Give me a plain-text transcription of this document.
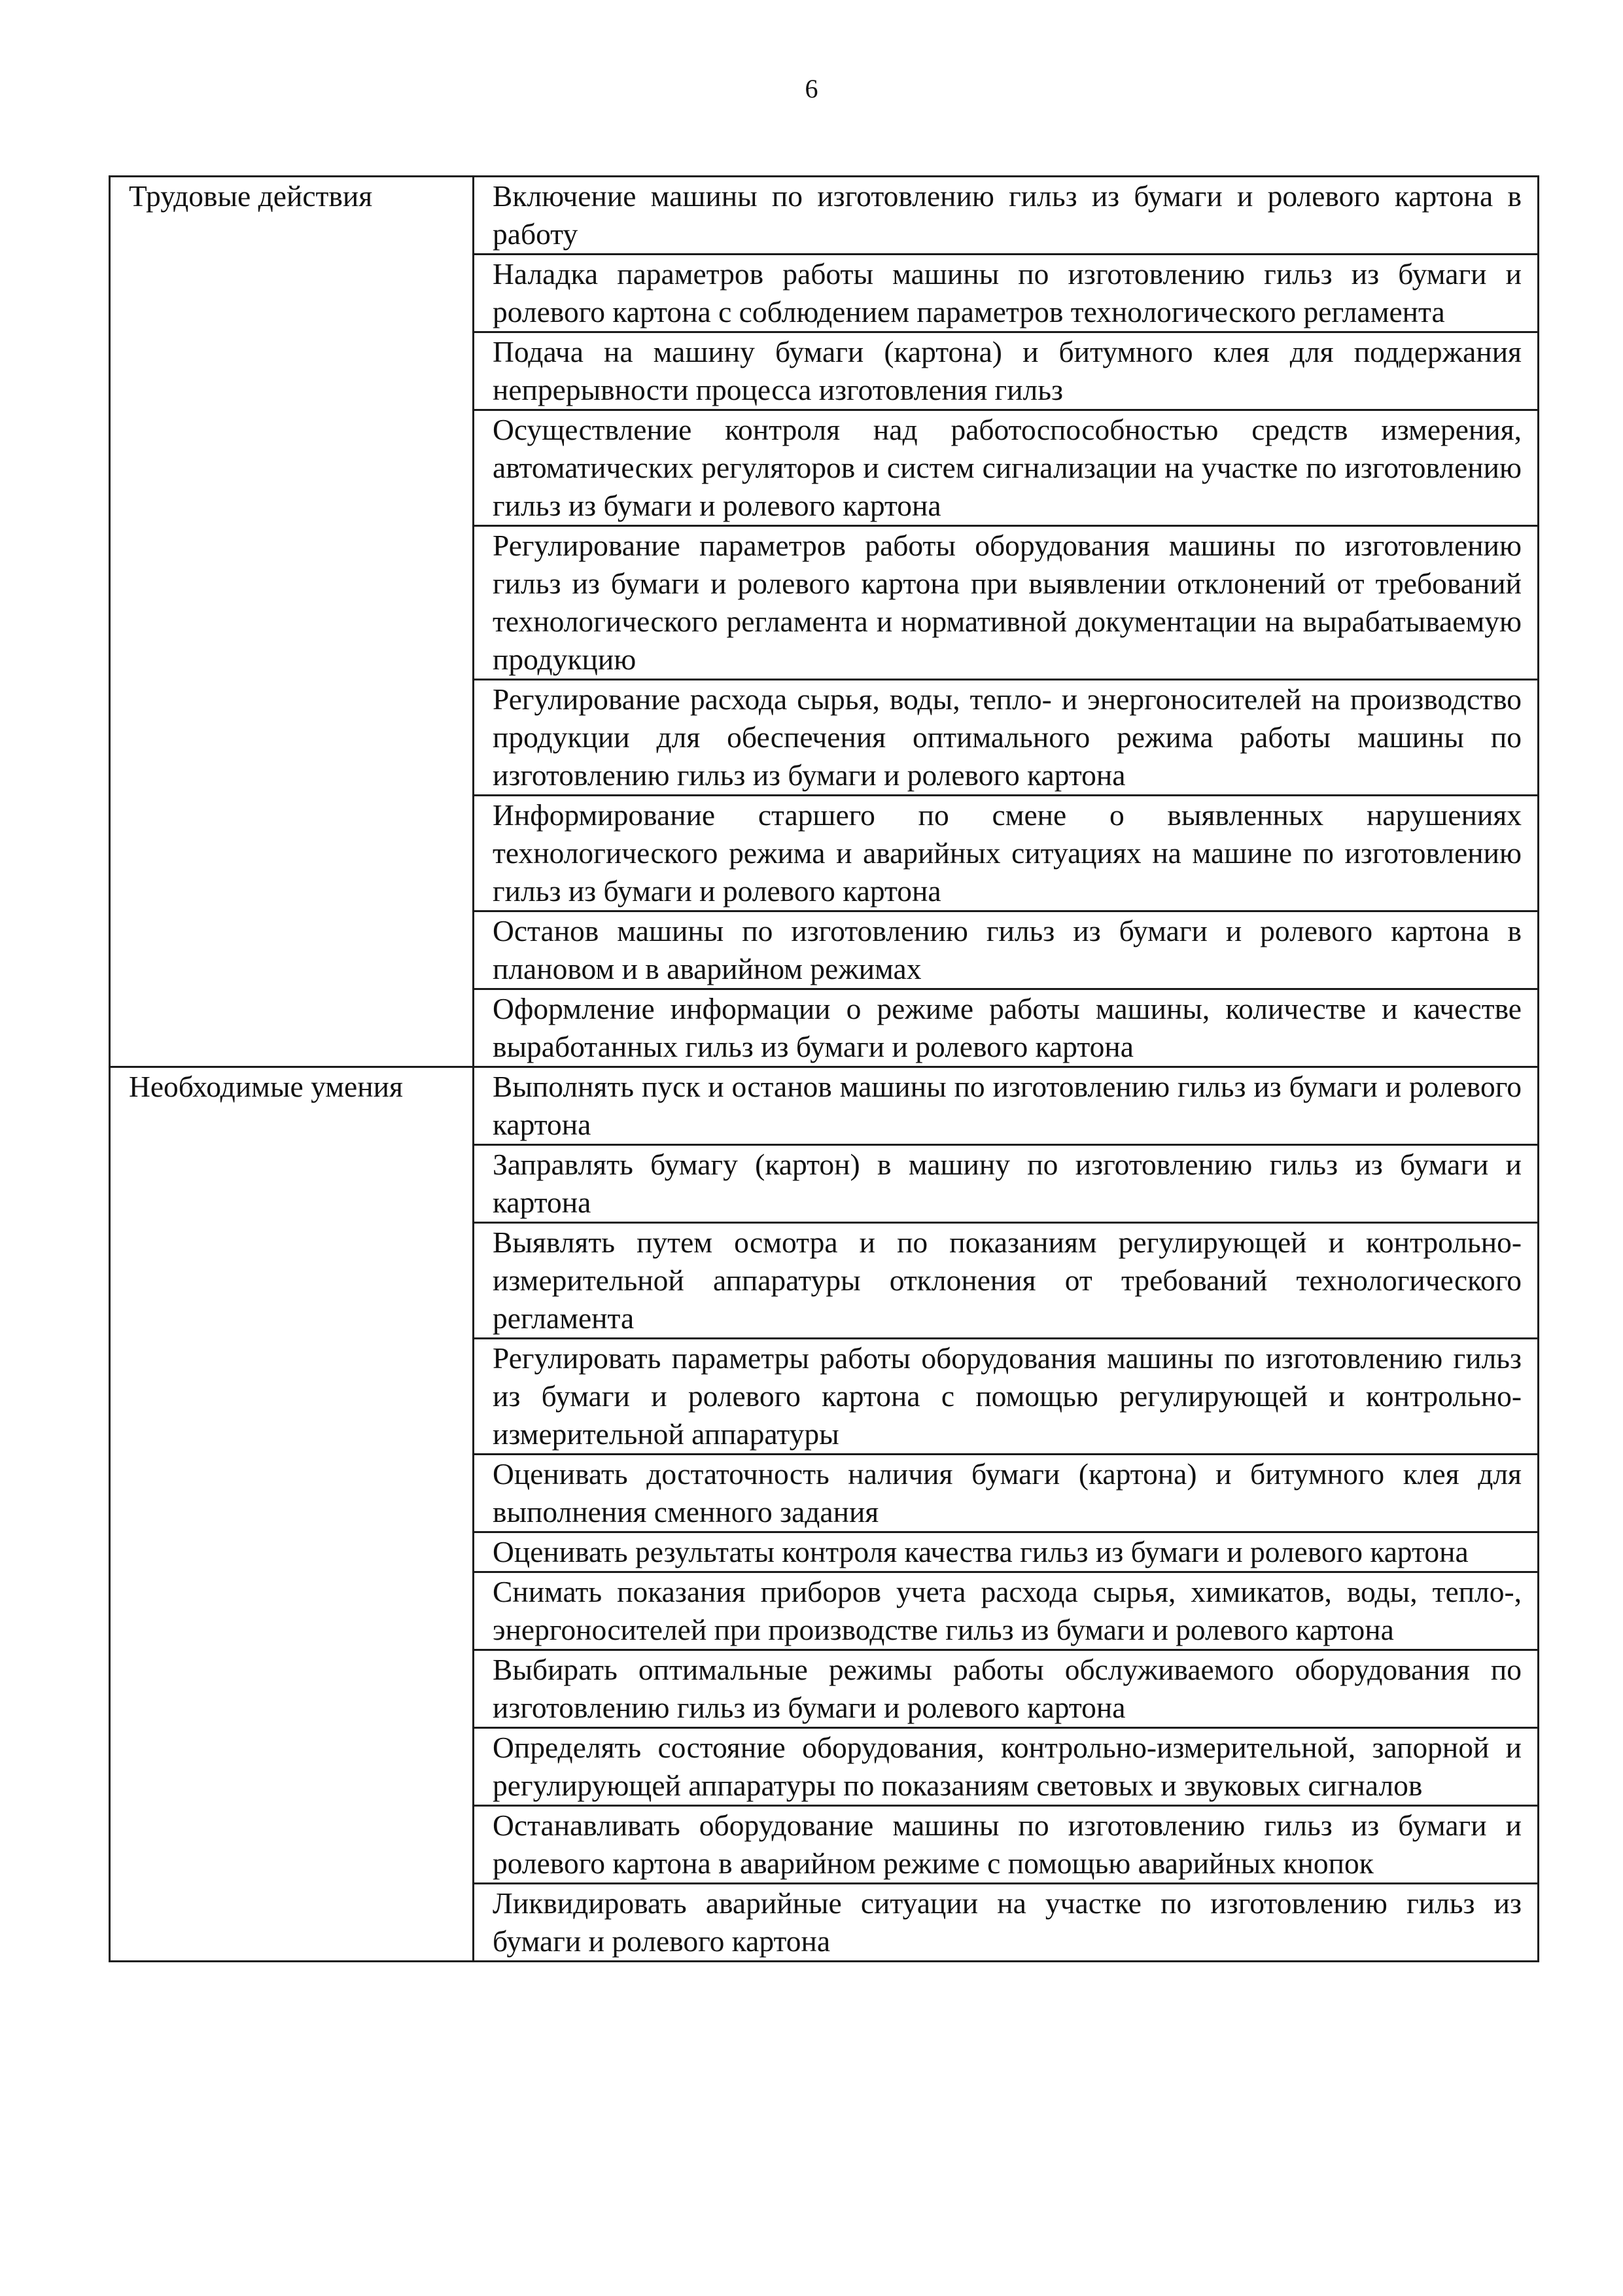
6
Трудовые действия	Включение машины по изготовлению гильз из бумаги и ролевого картона в работу
	Наладка параметров работы машины по изготовлению гильз из бумаги и ролевого картона с соблюдением параметров технологического регламента
	Подача на машину бумаги (картона) и битумного клея для поддержания непрерывности процесса изготовления гильз
	Осуществление контроля над работоспособностью средств измерения, автоматических регуляторов и систем сигнализации на участке по изготовлению гильз из бумаги и ролевого картона
	Регулирование параметров работы оборудования машины по изготовлению гильз из бумаги и ролевого картона при выявлении отклонений от требований технологического регламента и нормативной документации на вырабатываемую продукцию
	Регулирование расхода сырья, воды, тепло- и энергоносителей на производство продукции для обеспечения оптимального режима работы машины по изготовлению гильз из бумаги и ролевого картона
	Информирование старшего по смене о выявленных нарушениях технологического режима и аварийных ситуациях на машине по изготовлению гильз из бумаги и ролевого картона
	Останов машины по изготовлению гильз из бумаги и ролевого картона в плановом и в аварийном режимах
	Оформление информации о режиме работы машины, количестве и качестве выработанных гильз из бумаги и ролевого картона
Необходимые умения	Выполнять пуск и останов машины по изготовлению гильз из бумаги и ролевого картона
	Заправлять бумагу (картон) в машину по изготовлению гильз из бумаги и картона
	Выявлять путем осмотра и по показаниям регулирующей и контрольно-измерительной аппаратуры отклонения от требований технологического регламента
	Регулировать параметры работы оборудования машины по изготовлению гильз из бумаги и ролевого картона с помощью регулирующей и контрольно-измерительной аппаратуры
	Оценивать достаточность наличия бумаги (картона) и битумного клея для выполнения сменного задания
	Оценивать результаты контроля качества гильз из бумаги и ролевого картона
	Снимать показания приборов учета расхода сырья, химикатов, воды, тепло-, энергоносителей при производстве гильз из бумаги и ролевого картона
	Выбирать оптимальные режимы работы обслуживаемого оборудования по изготовлению гильз из бумаги и ролевого картона
	Определять состояние оборудования, контрольно-измерительной, запорной и регулирующей аппаратуры по показаниям световых и звуковых сигналов
	Останавливать оборудование машины по изготовлению гильз из бумаги и ролевого картона в аварийном режиме с помощью аварийных кнопок
	Ликвидировать аварийные ситуации на участке по изготовлению гильз из бумаги и ролевого картона
